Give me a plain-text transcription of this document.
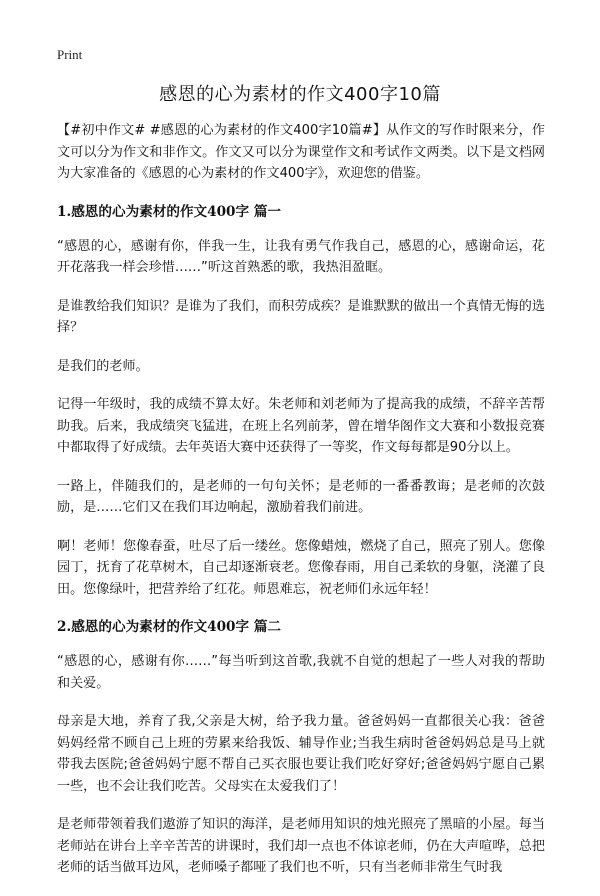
Print
感恩的心为素材的作文400字10篇

【#初中作文# #感恩的心为素材的作文400字10篇#】从作文的写作时限来分，作文可以分为作文和非作文。作文又可以分为课堂作文和考试作文两类。以下是文档网为大家准备的《感恩的心为素材的作文400字》，欢迎您的借鉴。

1.感恩的心为素材的作文400字 篇一

“感恩的心，感谢有你，伴我一生，让我有勇气作我自己，感恩的心，感谢命运，花开花落我一样会珍惜……”听这首熟悉的歌，我热泪盈眶。

是谁教给我们知识？是谁为了我们，而积劳成疾？是谁默默的做出一个真情无悔的选择？

是我们的老师。

记得一年级时，我的成绩不算太好。朱老师和刘老师为了提高我的成绩，不辞辛苦帮助我。后来，我成绩突飞猛进，在班上名列前茅，曾在增华阁作文大赛和小数报竞赛中都取得了好成绩。去年英语大赛中还获得了一等奖，作文每每都是90分以上。

一路上，伴随我们的，是老师的一句句关怀；是老师的一番番教诲；是老师的次鼓励，是……它们又在我们耳边响起，激励着我们前进。

啊！老师！您像春蚕，吐尽了后一缕丝。您像蜡烛，燃烧了自己，照亮了别人。您像园丁，抚育了花草树木，自己却逐渐衰老。您像春雨，用自己柔软的身躯，浇灌了良田。您像绿叶，把营养给了红花。师恩难忘，祝老师们永远年轻！

2.感恩的心为素材的作文400字 篇二

“感恩的心，感谢有你……”每当听到这首歌,我就不自觉的想起了一些人对我的帮助和关爱。

母亲是大地，养育了我,父亲是大树，给予我力量。爸爸妈妈一直都很关心我：爸爸妈妈经常不顾自己上班的劳累来给我饭、辅导作业;当我生病时爸爸妈妈总是马上就带我去医院;爸爸妈妈宁愿不帮自己买衣服也要让我们吃好穿好;爸爸妈妈宁愿自己累一些，也不会让我们吃苦。父母实在太爱我们了！

是老师带领着我们遨游了知识的海洋，是老师用知识的烛光照亮了黑暗的小屋。每当老师站在讲台上辛辛苦苦的讲课时，我们却一点也不体谅老师，仍在大声喧哗，总把老师的话当做耳边风，老师嗓子都哑了我们也不听，只有当老师非常生气时我
